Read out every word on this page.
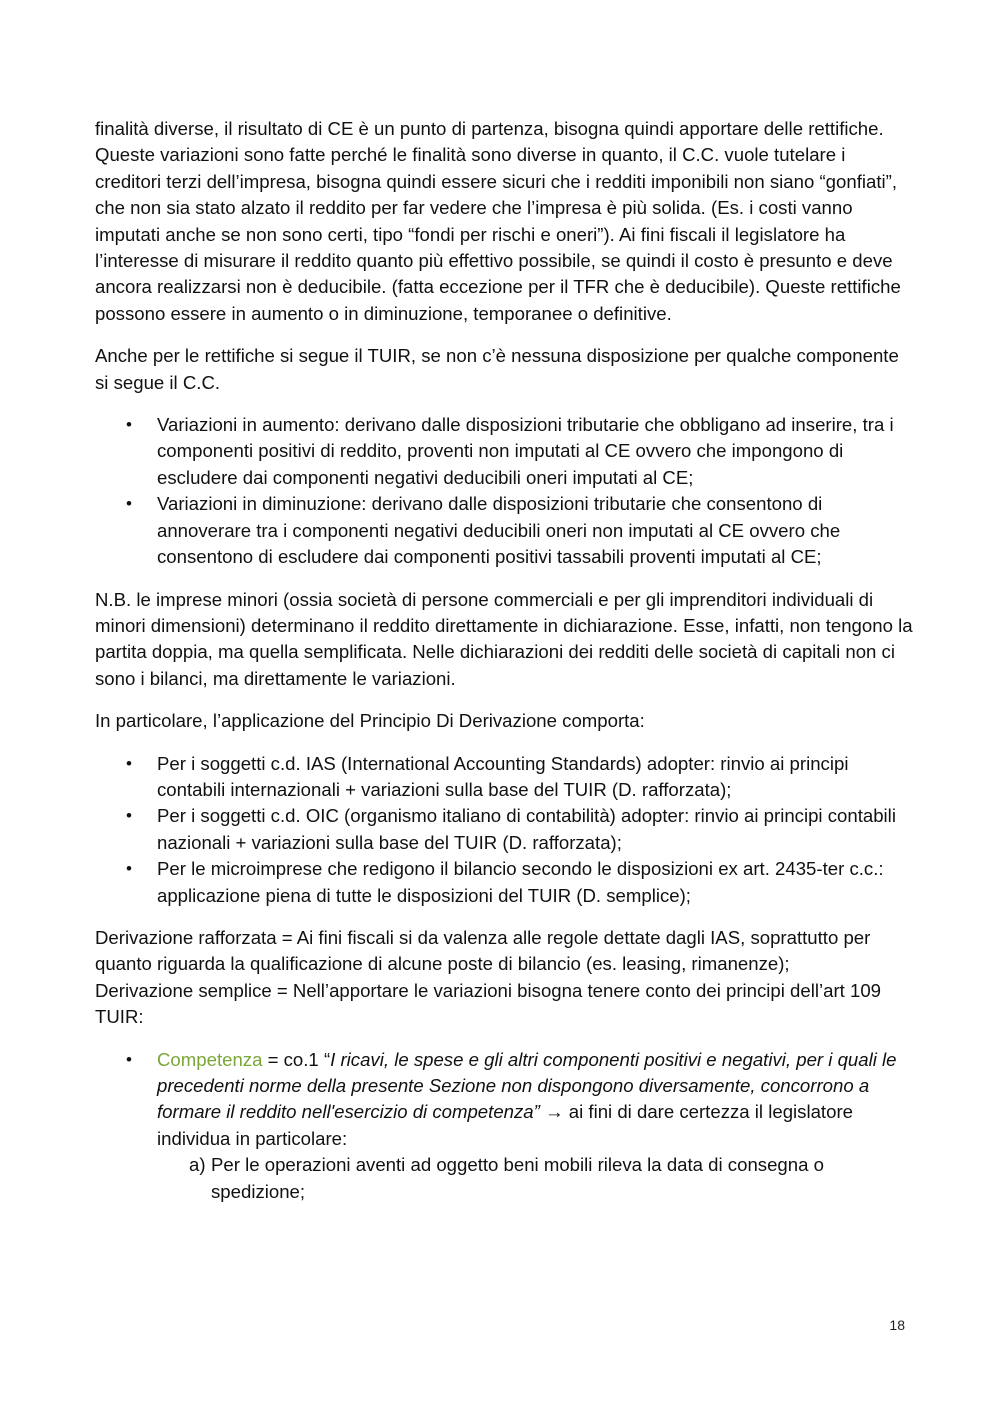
finalità diverse, il risultato di CE è un punto di partenza, bisogna quindi apportare delle rettifiche. Queste variazioni sono fatte perché le finalità sono diverse in quanto, il C.C. vuole tutelare i creditori terzi dell’impresa, bisogna quindi essere sicuri che i redditi imponibili non siano “gonfiati”, che non sia stato alzato il reddito per far vedere che l’impresa è più solida. (Es. i costi vanno imputati anche se non sono certi, tipo “fondi per rischi e oneri”). Ai fini fiscali il legislatore ha l’interesse di misurare il reddito quanto più effettivo possibile, se quindi il costo è presunto e deve ancora realizzarsi non è deducibile. (fatta eccezione per il TFR che è deducibile). Queste rettifiche possono essere in aumento o in diminuzione, temporanee o definitive.

Anche per le rettifiche si segue il TUIR, se non c’è nessuna disposizione per qualche componente si segue il C.C.

• Variazioni in aumento: derivano dalle disposizioni tributarie che obbligano ad inserire, tra i componenti positivi di reddito, proventi non imputati al CE ovvero che impongono di escludere dai componenti negativi deducibili oneri imputati al CE;
• Variazioni in diminuzione: derivano dalle disposizioni tributarie che consentono di annoverare tra i componenti negativi deducibili oneri non imputati al CE ovvero che consentono di escludere dai componenti positivi tassabili proventi imputati al CE;

N.B. le imprese minori (ossia società di persone commerciali e per gli imprenditori individuali di minori dimensioni) determinano il reddito direttamente in dichiarazione. Esse, infatti, non tengono la partita doppia, ma quella semplificata. Nelle dichiarazioni dei redditi delle società di capitali non ci sono i bilanci, ma direttamente le variazioni.

In particolare, l’applicazione del Principio Di Derivazione comporta:

• Per i soggetti c.d. IAS (International Accounting Standards) adopter: rinvio ai principi contabili internazionali + variazioni sulla base del TUIR (D. rafforzata);
• Per i soggetti c.d. OIC (organismo italiano di contabilità) adopter: rinvio ai principi contabili nazionali + variazioni sulla base del TUIR (D. rafforzata);
• Per le microimprese che redigono il bilancio secondo le disposizioni ex art. 2435-ter c.c.: applicazione piena di tutte le disposizioni del TUIR (D. semplice);

Derivazione rafforzata = Ai fini fiscali si da valenza alle regole dettate dagli IAS, soprattutto per quanto riguarda la qualificazione di alcune poste di bilancio (es. leasing, rimanenze);
Derivazione semplice = Nell’apportare le variazioni bisogna tenere conto dei principi dell’art 109 TUIR:

• Competenza = co.1 “I ricavi, le spese e gli altri componenti positivi e negativi, per i quali le precedenti norme della presente Sezione non dispongono diversamente, concorrono a formare il reddito nell'esercizio di competenza” → ai fini di dare certezza il legislatore individua in particolare:
a) Per le operazioni aventi ad oggetto beni mobili rileva la data di consegna o spedizione;
18
